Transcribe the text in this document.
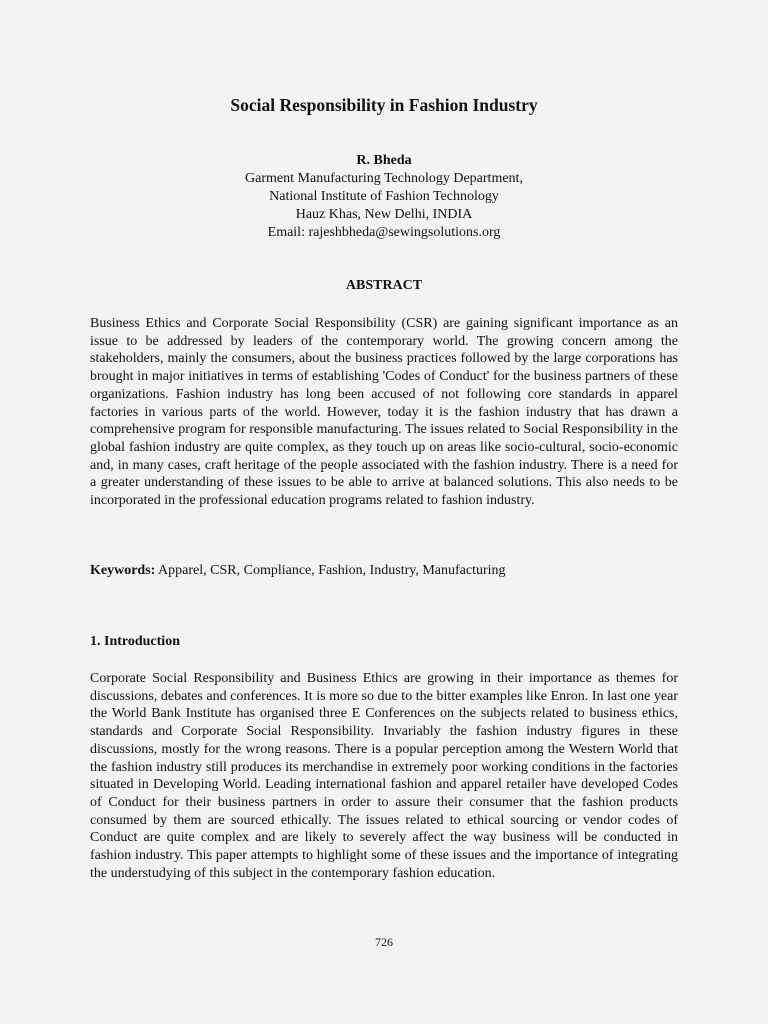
Social Responsibility in Fashion Industry
R. Bheda
Garment Manufacturing Technology Department,
National Institute of Fashion Technology
Hauz Khas, New Delhi, INDIA
Email: rajeshbheda@sewingsolutions.org
ABSTRACT

Business Ethics and Corporate Social Responsibility (CSR) are gaining significant importance as an issue to be addressed by leaders of the contemporary world. The growing concern among the stakeholders, mainly the consumers, about the business practices followed by the large corporations has brought in major initiatives in terms of establishing 'Codes of Conduct' for the business partners of these organizations. Fashion industry has long been accused of not following core standards in apparel factories in various parts of the world. However, today it is the fashion industry that has drawn a comprehensive program for responsible manufacturing. The issues related to Social Responsibility in the global fashion industry are quite complex, as they touch up on areas like socio-cultural, socio-economic and, in many cases, craft heritage of the people associated with the fashion industry. There is a need for a greater understanding of these issues to be able to arrive at balanced solutions. This also needs to be incorporated in the professional education programs related to fashion industry.

Keywords: Apparel, CSR, Compliance, Fashion, Industry, Manufacturing
1. Introduction

Corporate Social Responsibility and Business Ethics are growing in their importance as themes for discussions, debates and conferences. It is more so due to the bitter examples like Enron. In last one year the World Bank Institute has organised three E Conferences on the subjects related to business ethics, standards and Corporate Social Responsibility. Invariably the fashion industry figures in these discussions, mostly for the wrong reasons. There is a popular perception among the Western World that the fashion industry still produces its merchandise in extremely poor working conditions in the factories situated in Developing World. Leading international fashion and apparel retailer have developed Codes of Conduct for their business partners in order to assure their consumer that the fashion products consumed by them are sourced ethically. The issues related to ethical sourcing or vendor codes of Conduct are quite complex and are likely to severely affect the way business will be conducted in fashion industry. This paper attempts to highlight some of these issues and the importance of integrating the understudying of this subject in the contemporary fashion education.

726
